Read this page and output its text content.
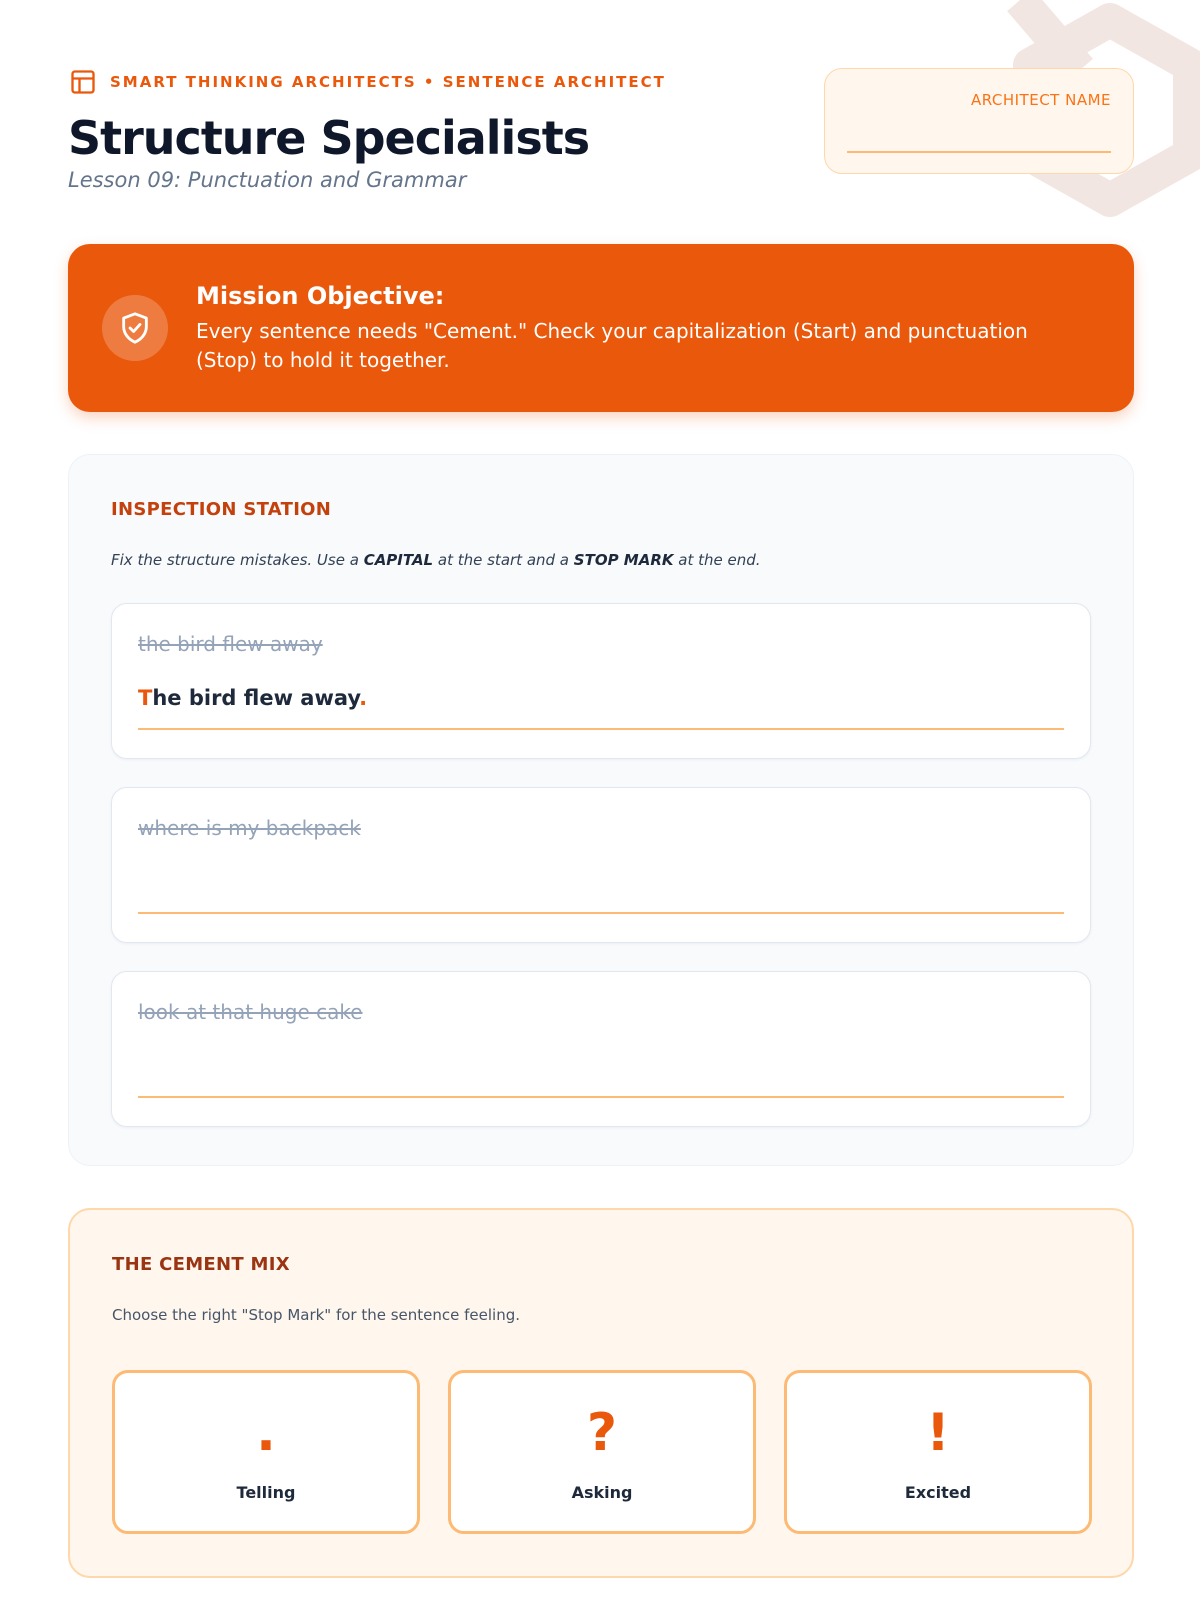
SMART THINKING ARCHITECTS • SENTENCE ARCHITECT
Structure Specialists
Lesson 09: Punctuation and Grammar
ARCHITECT NAME
Mission Objective:
Every sentence needs "Cement." Check your capitalization (Start) and punctuation (Stop) to hold it together.
INSPECTION STATION
Fix the structure mistakes. Use a CAPITAL at the start and a STOP MARK at the end.
the bird flew away
The bird flew away.
where is my backpack
look at that huge cake
THE CEMENT MIX
Choose the right "Stop Mark" for the sentence feeling.
.
Telling
?
Asking
!
Excited
